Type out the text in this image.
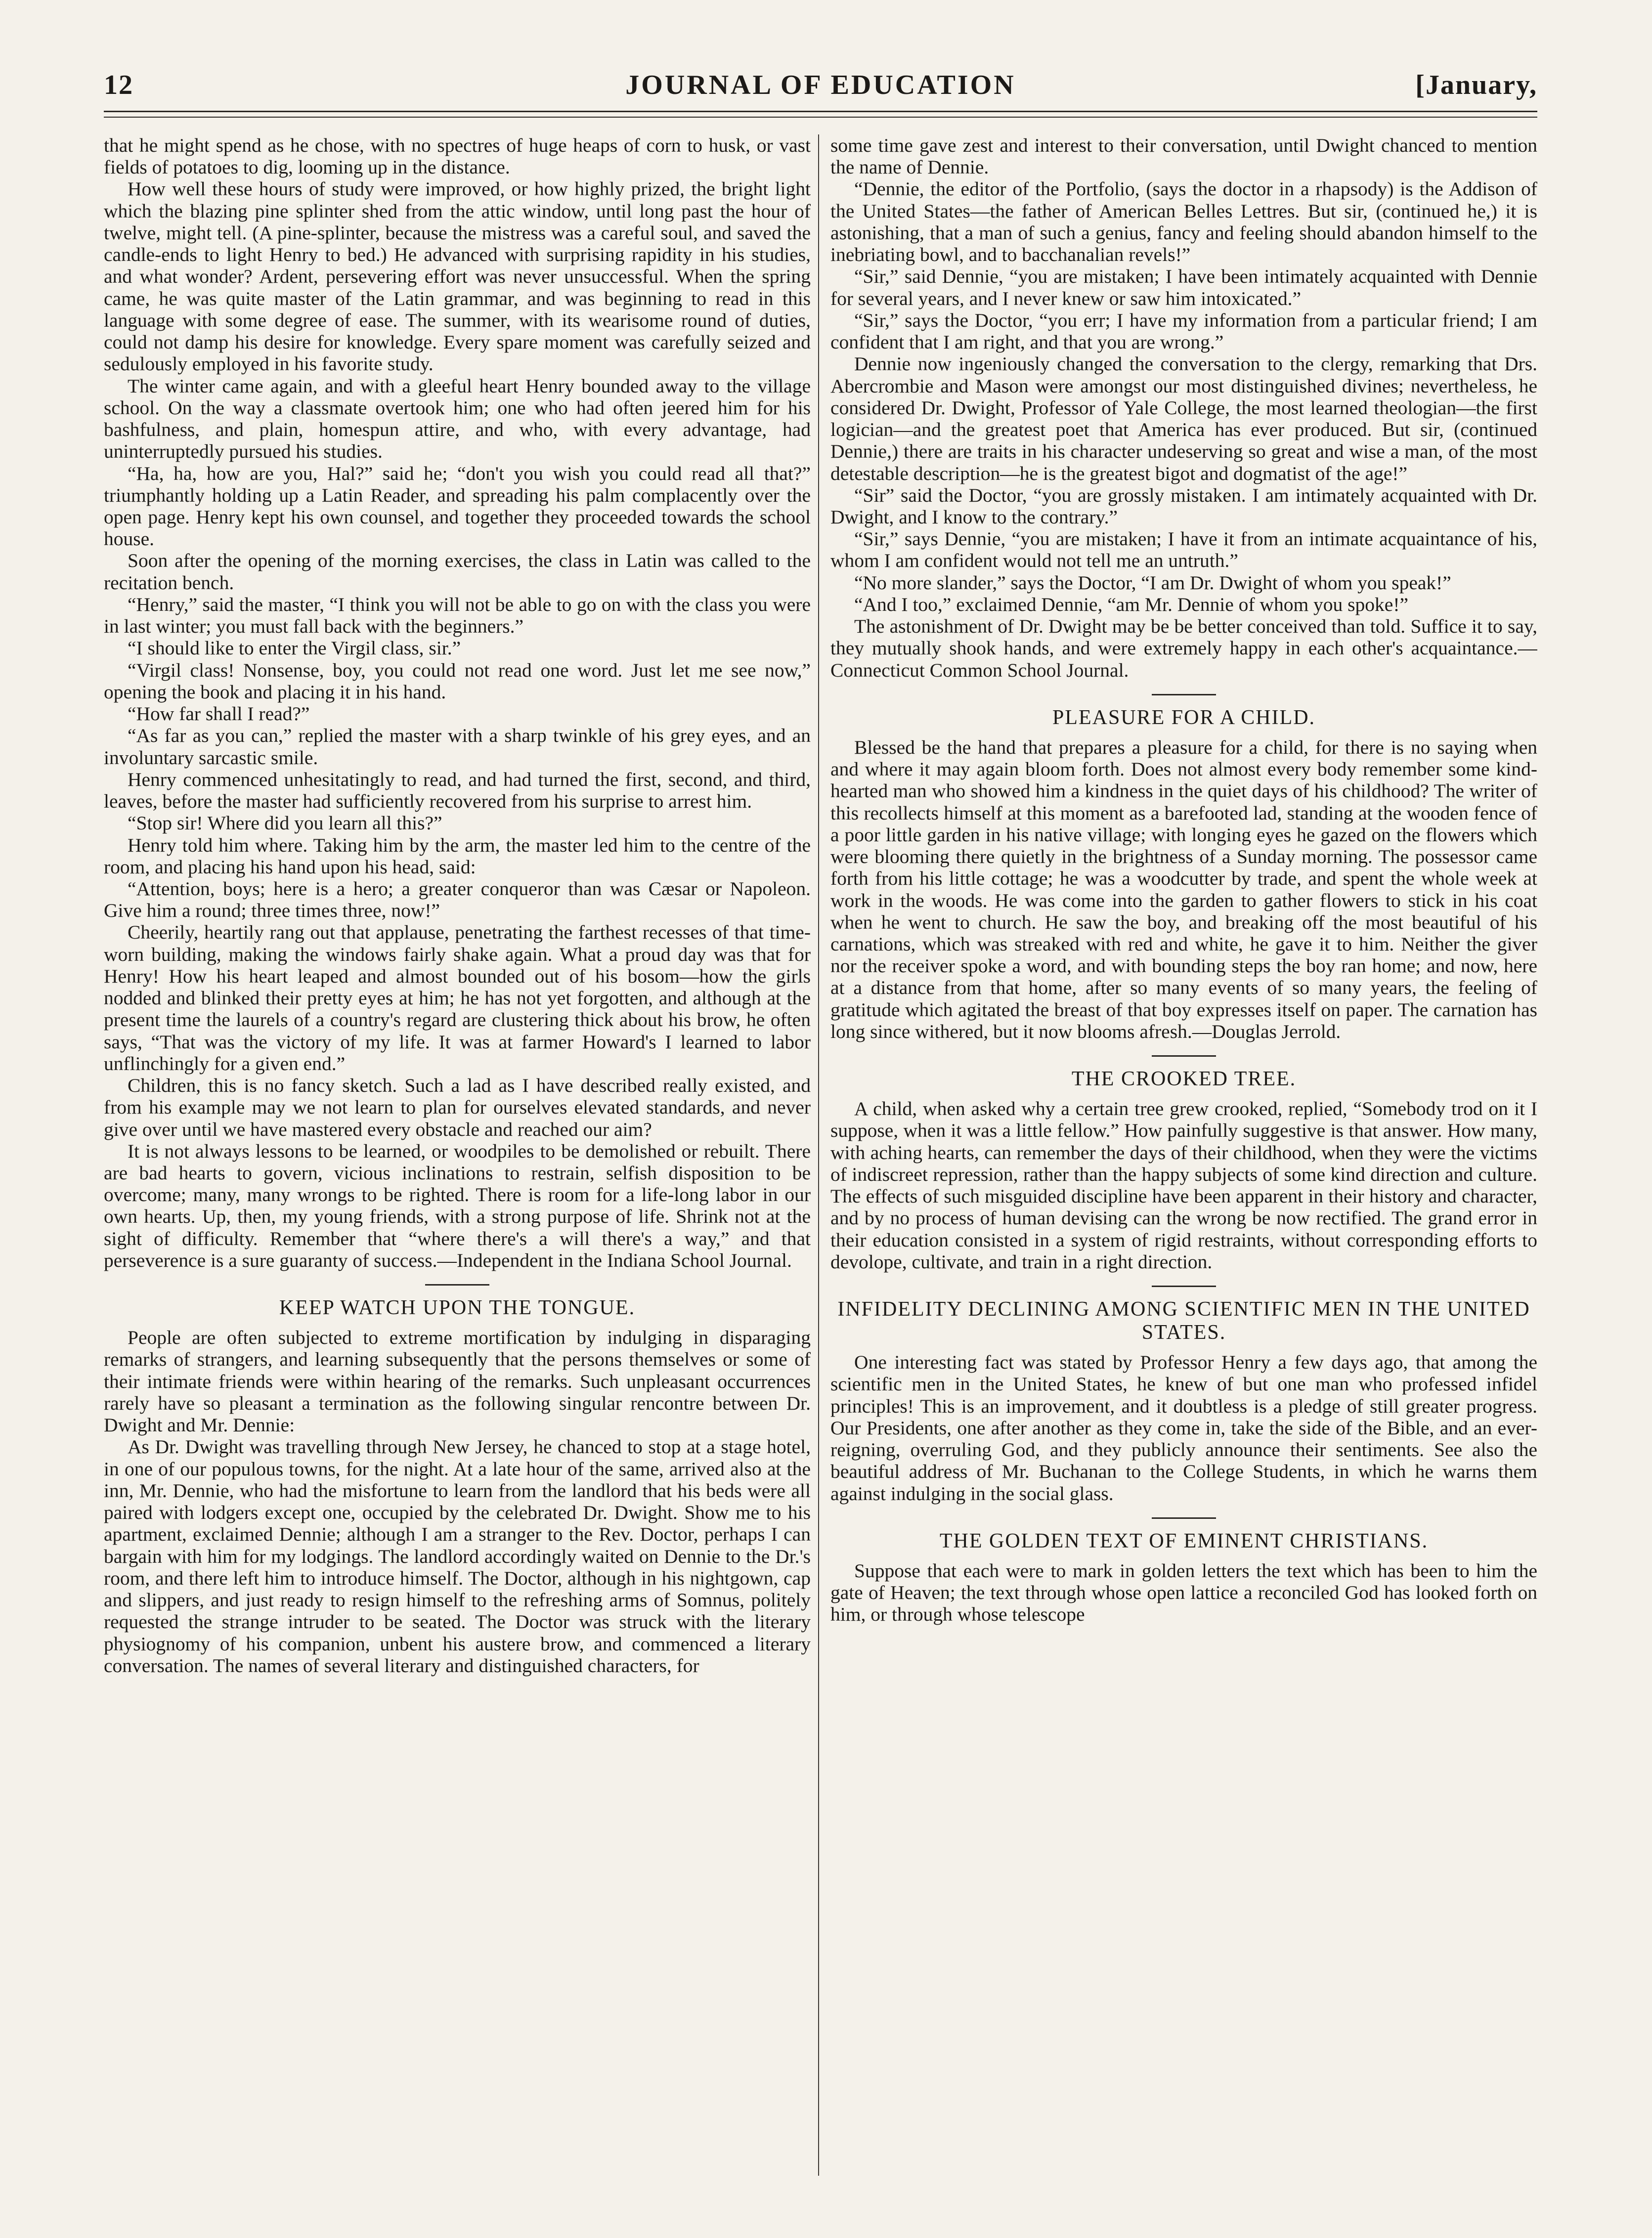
12	JOURNAL OF EDUCATION	[January,

that he might spend as he chose, with no spectres of huge heaps of corn to husk, or vast fields of potatoes to dig, looming up in the distance.

How well these hours of study were improved, or how highly prized, the bright light which the blazing pine splinter shed from the attic window, until long past the hour of twelve, might tell. (A pine-splinter, because the mistress was a careful soul, and saved the candle-ends to light Henry to bed.) He advanced with surprising rapidity in his studies, and what wonder? Ardent, persevering effort was never unsuccessful. When the spring came, he was quite master of the Latin grammar, and was beginning to read in this language with some degree of ease. The summer, with its wearisome round of duties, could not damp his desire for knowledge. Every spare moment was carefully seized and sedulously employed in his favorite study.

The winter came again, and with a gleeful heart Henry bounded away to the village school. On the way a classmate overtook him; one who had often jeered him for his bashfulness, and plain, homespun attire, and who, with every advantage, had uninterruptedly pursued his studies.

“Ha, ha, how are you, Hal?” said he; “don't you wish you could read all that?” triumphantly holding up a Latin Reader, and spreading his palm complacently over the open page. Henry kept his own counsel, and together they proceeded towards the school house.

Soon after the opening of the morning exercises, the class in Latin was called to the recitation bench.

“Henry,” said the master, “I think you will not be able to go on with the class you were in last winter; you must fall back with the beginners.”

“I should like to enter the Virgil class, sir.”

“Virgil class! Nonsense, boy, you could not read one word. Just let me see now,” opening the book and placing it in his hand.

“How far shall I read?”

“As far as you can,” replied the master with a sharp twinkle of his grey eyes, and an involuntary sarcastic smile.

Henry commenced unhesitatingly to read, and had turned the first, second, and third, leaves, before the master had sufficiently recovered from his surprise to arrest him.

“Stop sir! Where did you learn all this?”

Henry told him where. Taking him by the arm, the master led him to the centre of the room, and placing his hand upon his head, said:

“Attention, boys; here is a hero; a greater conqueror than was Cæsar or Napoleon. Give him a round; three times three, now!”

Cheerily, heartily rang out that applause, penetrating the farthest recesses of that time-worn building, making the windows fairly shake again. What a proud day was that for Henry! How his heart leaped and almost bounded out of his bosom—how the girls nodded and blinked their pretty eyes at him; he has not yet forgotten, and although at the present time the laurels of a country's regard are clustering thick about his brow, he often says, “That was the victory of my life. It was at farmer Howard's I learned to labor unflinchingly for a given end.”

Children, this is no fancy sketch. Such a lad as I have described really existed, and from his example may we not learn to plan for ourselves elevated standards, and never give over until we have mastered every obstacle and reached our aim?

It is not always lessons to be learned, or woodpiles to be demolished or rebuilt. There are bad hearts to govern, vicious inclinations to restrain, selfish disposition to be overcome; many, many wrongs to be righted. There is room for a life-long labor in our own hearts. Up, then, my young friends, with a strong purpose of life. Shrink not at the sight of difficulty. Remember that “where there's a will there's a way,” and that perseverence is a sure guaranty of success.—Independent in the Indiana School Journal.

KEEP WATCH UPON THE TONGUE.

People are often subjected to extreme mortification by indulging in disparaging remarks of strangers, and learning subsequently that the persons themselves or some of their intimate friends were within hearing of the remarks. Such unpleasant occurrences rarely have so pleasant a termination as the following singular rencontre between Dr. Dwight and Mr. Dennie:

As Dr. Dwight was travelling through New Jersey, he chanced to stop at a stage hotel, in one of our populous towns, for the night. At a late hour of the same, arrived also at the inn, Mr. Dennie, who had the misfortune to learn from the landlord that his beds were all paired with lodgers except one, occupied by the celebrated Dr. Dwight. Show me to his apartment, exclaimed Dennie; although I am a stranger to the Rev. Doctor, perhaps I can bargain with him for my lodgings. The landlord accordingly waited on Dennie to the Dr.'s room, and there left him to introduce himself. The Doctor, although in his nightgown, cap and slippers, and just ready to resign himself to the refreshing arms of Somnus, politely requested the strange intruder to be seated. The Doctor was struck with the literary physiognomy of his companion, unbent his austere brow, and commenced a literary conversation. The names of several literary and distinguished characters, for

some time gave zest and interest to their conversation, until Dwight chanced to mention the name of Dennie.

“Dennie, the editor of the Portfolio, (says the doctor in a rhapsody) is the Addison of the United States—the father of American Belles Lettres. But sir, (continued he,) it is astonishing, that a man of such a genius, fancy and feeling should abandon himself to the inebriating bowl, and to bacchanalian revels!”

“Sir,” said Dennie, “you are mistaken; I have been intimately acquainted with Dennie for several years, and I never knew or saw him intoxicated.”

“Sir,” says the Doctor, “you err; I have my information from a particular friend; I am confident that I am right, and that you are wrong.”

Dennie now ingeniously changed the conversation to the clergy, remarking that Drs. Abercrombie and Mason were amongst our most distinguished divines; nevertheless, he considered Dr. Dwight, Professor of Yale College, the most learned theologian—the first logician—and the greatest poet that America has ever produced. But sir, (continued Dennie,) there are traits in his character undeserving so great and wise a man, of the most detestable description—he is the greatest bigot and dogmatist of the age!”

“Sir” said the Doctor, “you are grossly mistaken. I am intimately acquainted with Dr. Dwight, and I know to the contrary.”

“Sir,” says Dennie, “you are mistaken; I have it from an intimate acquaintance of his, whom I am confident would not tell me an untruth.”

“No more slander,” says the Doctor, “I am Dr. Dwight of whom you speak!”

“And I too,” exclaimed Dennie, “am Mr. Dennie of whom you spoke!”

The astonishment of Dr. Dwight may be be better conceived than told. Suffice it to say, they mutually shook hands, and were extremely happy in each other's acquaintance.—Connecticut Common School Journal.

PLEASURE FOR A CHILD.

Blessed be the hand that prepares a pleasure for a child, for there is no saying when and where it may again bloom forth. Does not almost every body remember some kind-hearted man who showed him a kindness in the quiet days of his childhood? The writer of this recollects himself at this moment as a barefooted lad, standing at the wooden fence of a poor little garden in his native village; with longing eyes he gazed on the flowers which were blooming there quietly in the brightness of a Sunday morning. The possessor came forth from his little cottage; he was a woodcutter by trade, and spent the whole week at work in the woods. He was come into the garden to gather flowers to stick in his coat when he went to church. He saw the boy, and breaking off the most beautiful of his carnations, which was streaked with red and white, he gave it to him. Neither the giver nor the receiver spoke a word, and with bounding steps the boy ran home; and now, here at a distance from that home, after so many events of so many years, the feeling of gratitude which agitated the breast of that boy expresses itself on paper. The carnation has long since withered, but it now blooms afresh.—Douglas Jerrold.

THE CROOKED TREE.

A child, when asked why a certain tree grew crooked, replied, “Somebody trod on it I suppose, when it was a little fellow.” How painfully suggestive is that answer. How many, with aching hearts, can remember the days of their childhood, when they were the victims of indiscreet repression, rather than the happy subjects of some kind direction and culture. The effects of such misguided discipline have been apparent in their history and character, and by no process of human devising can the wrong be now rectified. The grand error in their education consisted in a system of rigid restraints, without corresponding efforts to devolope, cultivate, and train in a right direction.

INFIDELITY DECLINING AMONG SCIENTIFIC MEN IN THE UNITED STATES.

One interesting fact was stated by Professor Henry a few days ago, that among the scientific men in the United States, he knew of but one man who professed infidel principles! This is an improvement, and it doubtless is a pledge of still greater progress. Our Presidents, one after another as they come in, take the side of the Bible, and an ever-reigning, overruling God, and they publicly announce their sentiments. See also the beautiful address of Mr. Buchanan to the College Students, in which he warns them against indulging in the social glass.

THE GOLDEN TEXT OF EMINENT CHRISTIANS.

Suppose that each were to mark in golden letters the text which has been to him the gate of Heaven; the text through whose open lattice a reconciled God has looked forth on him, or through whose telescope
